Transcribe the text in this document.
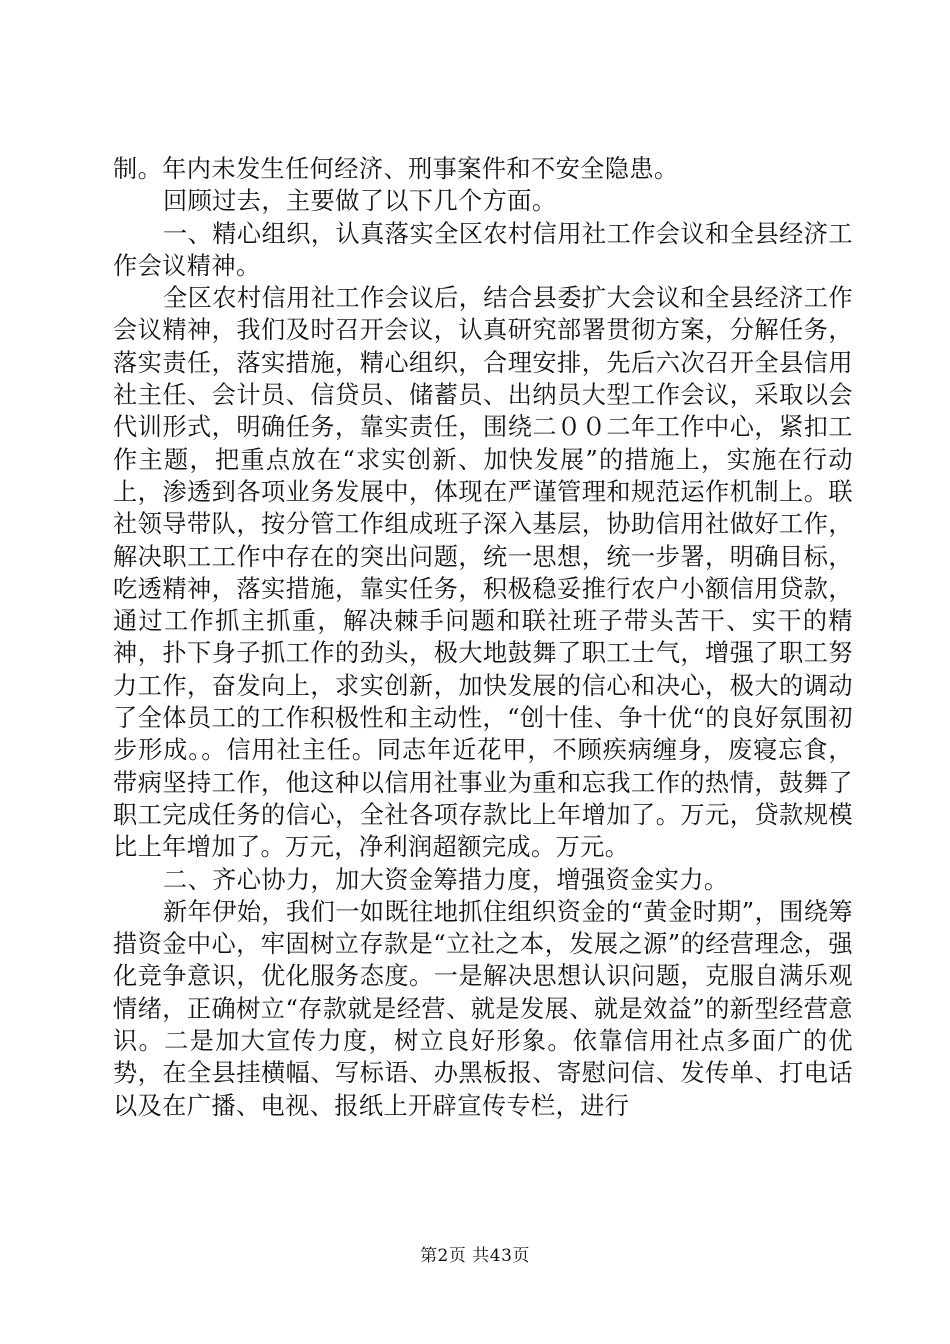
制。年内未发生任何经济、刑事案件和不安全隐患。

回顾过去，主要做了以下几个方面。

一、精心组织，认真落实全区农村信用社工作会议和全县经济工作会议精神。

全区农村信用社工作会议后，结合县委扩大会议和全县经济工作会议精神，我们及时召开会议，认真研究部署贯彻方案，分解任务，落实责任，落实措施，精心组织，合理安排，先后六次召开全县信用社主任、会计员、信贷员、储蓄员、出纳员大型工作会议，采取以会代训形式，明确任务，靠实责任，围绕二００二年工作中心，紧扣工作主题，把重点放在“求实创新、加快发展”的措施上，实施在行动上，渗透到各项业务发展中，体现在严谨管理和规范运作机制上。联社领导带队，按分管工作组成班子深入基层，协助信用社做好工作，解决职工工作中存在的突出问题，统一思想，统一步署，明确目标，吃透精神，落实措施，靠实任务，积极稳妥推行农户小额信用贷款，通过工作抓主抓重，解决棘手问题和联社班子带头苦干、实干的精神，扑下身子抓工作的劲头，极大地鼓舞了职工士气，增强了职工努力工作，奋发向上，求实创新，加快发展的信心和决心，极大的调动了全体员工的工作积极性和主动性，“创十佳、争十优“的良好氛围初步形成。。信用社主任。同志年近花甲，不顾疾病缠身，废寝忘食，带病坚持工作，他这种以信用社事业为重和忘我工作的热情，鼓舞了职工完成任务的信心，全社各项存款比上年增加了。万元，贷款规模比上年增加了。万元，净利润超额完成。万元。

二、齐心协力，加大资金筹措力度，增强资金实力。

新年伊始，我们一如既往地抓住组织资金的“黄金时期”，围绕筹措资金中心，牢固树立存款是“立社之本，发展之源”的经营理念，强化竞争意识，优化服务态度。一是解决思想认识问题，克服自满乐观情绪，正确树立“存款就是经营、就是发展、就是效益”的新型经营意识。二是加大宣传力度，树立良好形象。依靠信用社点多面广的优势，在全县挂横幅、写标语、办黑板报、寄慰问信、发传单、打电话以及在广播、电视、报纸上开辟宣传专栏，进行

第2页 共43页
